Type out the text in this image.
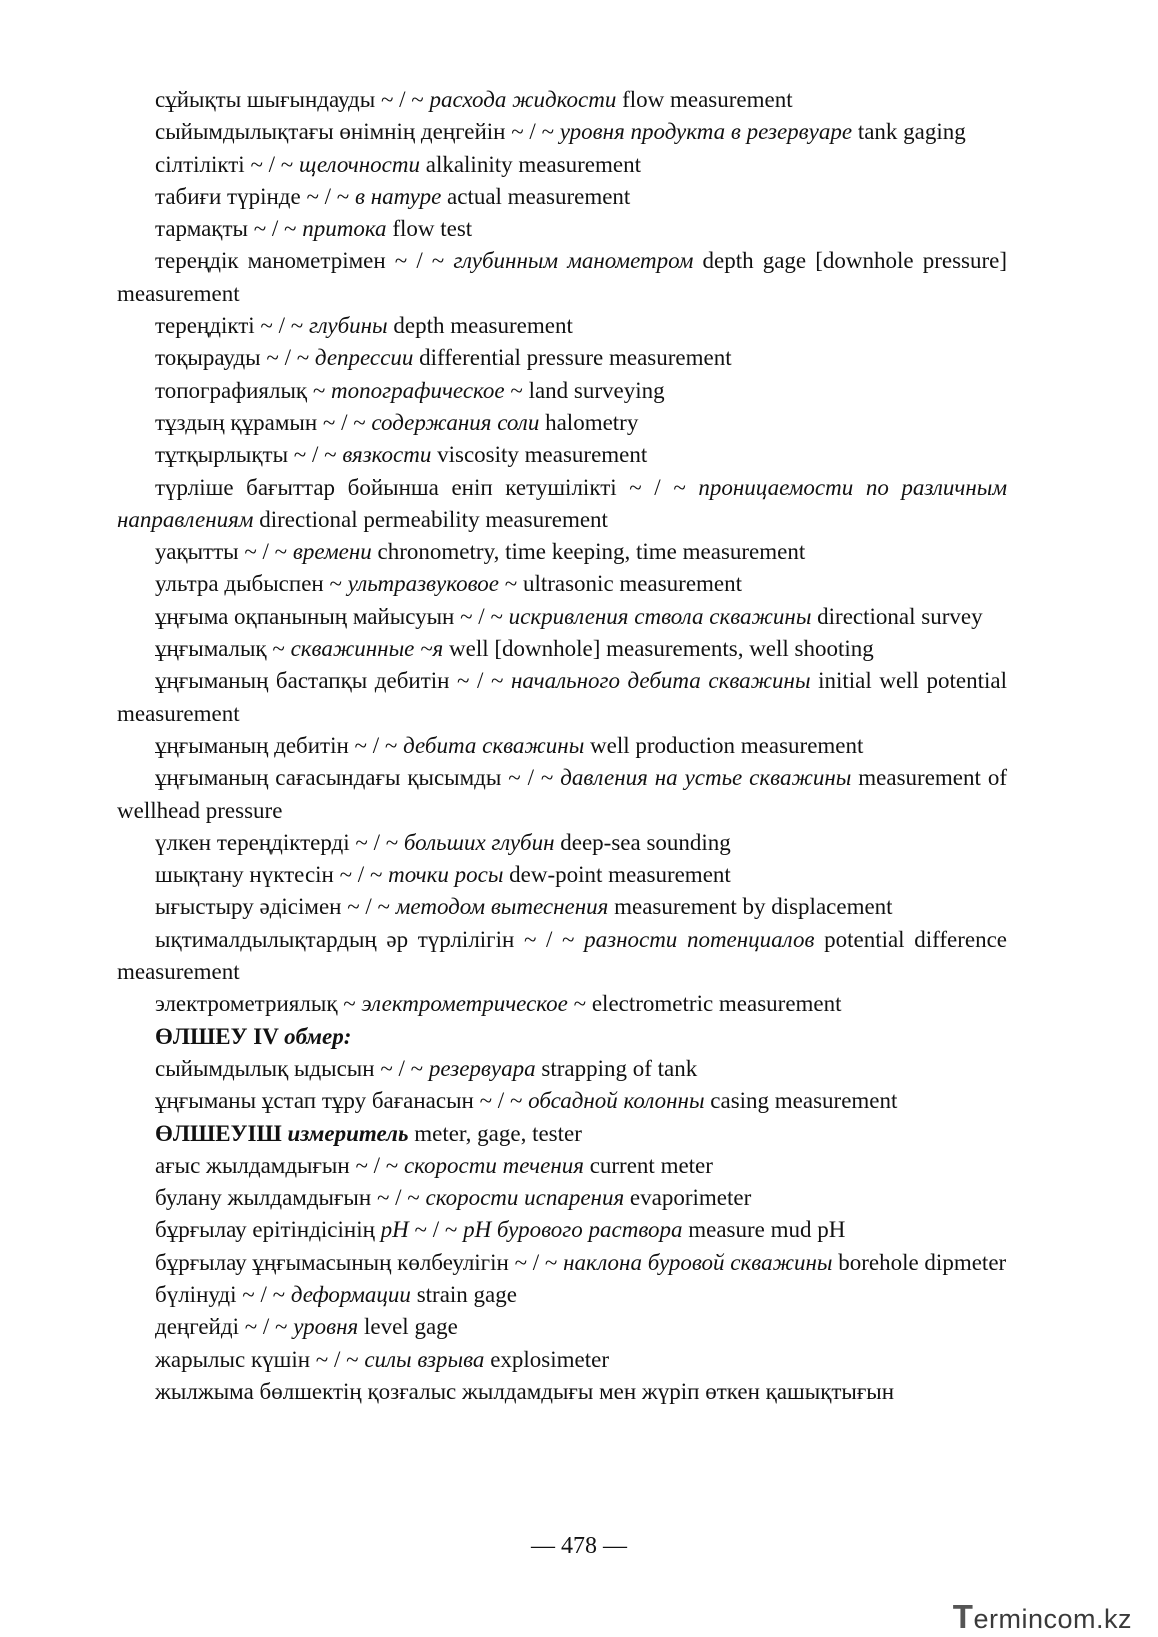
сұйықты шығындауды ~ / ~ расхода жидкости flow measurement

сыйымдылықтағы өнімнің деңгейін ~ / ~ уровня продукта в резервуаре tank gaging

сілтілікті ~ / ~ щелочности alkalinity measurement

табиғи түрінде ~ / ~ в натуре actual measurement

тармақты ~ / ~ притока flow test

тереңдік манометрімен ~ / ~ глубинным манометром depth gage [downhole pressure] measurement

тереңдікті ~ / ~ глубины depth measurement

тоқырауды ~ / ~ депрессии differential pressure measurement

топографиялық ~ топографическое ~ land surveying

тұздың құрамын ~ / ~ содержания соли halometry

тұтқырлықты ~ / ~ вязкости viscosity measurement

түрліше бағыттар бойынша еніп кетушілікті ~ / ~ проницаемости по различным направлениям directional permeability measurement

уақытты ~ / ~ времени chronometry, time keeping, time measurement

ультра дыбыспен ~ ультразвуковое ~ ultrasonic measurement

ұңғыма оқпанының майысуын ~ / ~ искривления ствола скважины directional survey

ұңғымалық ~ скважинные ~я well [downhole] measurements, well shooting

ұңғыманың бастапқы дебитін ~ / ~ начального дебита скважины initial well potential measurement

ұңғыманың дебитін ~ / ~ дебита скважины well production measurement

ұңғыманың сағасындағы қысымды ~ / ~ давления на устье скважины measurement of wellhead pressure

үлкен тереңдіктерді ~ / ~ больших глубин deep-sea sounding

шықтану нүктесін ~ / ~ точки росы dew-point measurement

ығыстыру әдісімен ~ / ~ методом вытеснения measurement by displacement

ықтималдылықтардың әр түрлілігін ~ / ~ разности потенциалов potential difference measurement

электрометриялық ~ электрометрическое ~ electrometric measurement

ӨЛШЕУ IV обмер:

сыйымдылық ыдысын ~ / ~ резервуара strapping of tank

ұңғыманы ұстап тұру бағанасын ~ / ~ обсадной колонны casing measurement

ӨЛШЕУІШ измеритель meter, gage, tester

ағыс жылдамдығын ~ / ~ скорости течения current meter

булану жылдамдығын ~ / ~ скорости испарения evaporimeter

бұрғылау ерітіндісінің pH ~ / ~ pH бурового раствора measure mud pH

бұрғылау ұңғымасының көлбеулігін ~ / ~ наклона буровой скважины borehole dipmeter

бүлінуді ~ / ~ деформации strain gage

деңгейді ~ / ~ уровня level gage

жарылыс күшін ~ / ~ силы взрыва explosimeter

жылжыма бөлшектің қозғалыс жылдамдығы мен жүріп өткен қашықтығын

— 478 —
Termincom.kz
